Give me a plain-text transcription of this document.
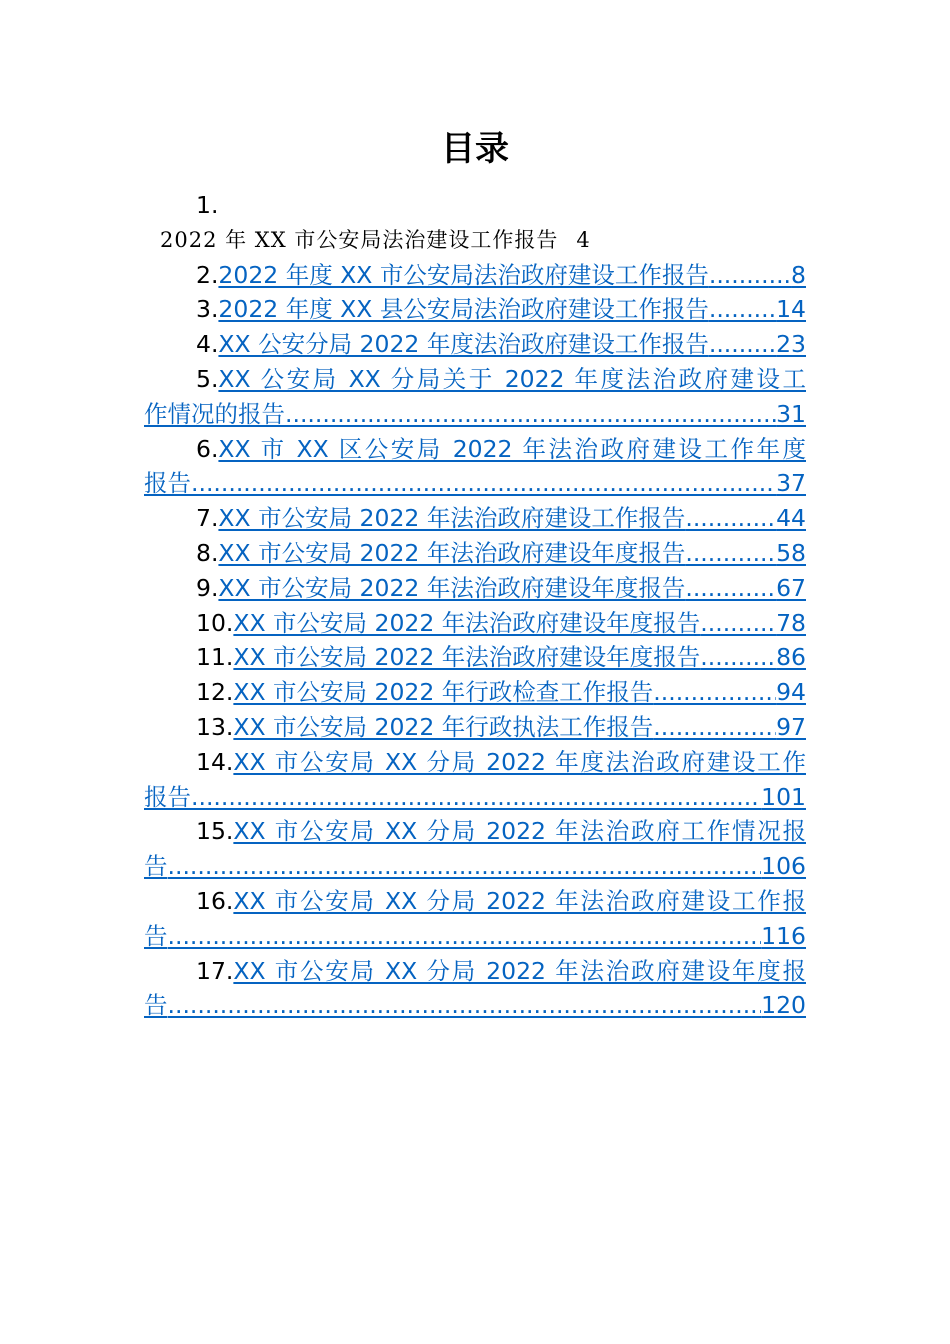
目录
1.
2022 年 XX 市公安局法治建设工作报告 4
2. 2022 年度 XX 市公安局法治政府建设工作报告 .....	8
3. 2022 年度 XX 县公安局法治政府建设工作报告 .....	14
4. XX 公安分局 2022 年度法治政府建设工作报告 .....	23
5.XX 公安局 XX 分局关于 2022 年度法治政府建设工
作情况的报告 .....	31
6.XX 市 XX 区公安局 2022 年法治政府建设工作年度
报告 .....	37
7. XX 市公安局 2022 年法治政府建设工作报告 .....	44
8. XX 市公安局 2022 年法治政府建设年度报告 .....	58
9. XX 市公安局 2022 年法治政府建设年度报告 .....	67
10. XX 市公安局 2022 年法治政府建设年度报告 .....	78
11. XX 市公安局 2022 年法治政府建设年度报告 .....	86
12. XX 市公安局 2022 年行政检查工作报告 .....	94
13. XX 市公安局 2022 年行政执法工作报告 .....	97
14.XX 市公安局 XX 分局 2022 年度法治政府建设工作
报告 .....	101
15.XX 市公安局 XX 分局 2022 年法治政府工作情况报
告 .....	106
16.XX 市公安局 XX 分局 2022 年法治政府建设工作报
告 .....	116
17.XX 市公安局 XX 分局 2022 年法治政府建设年度报
告 .....	120
